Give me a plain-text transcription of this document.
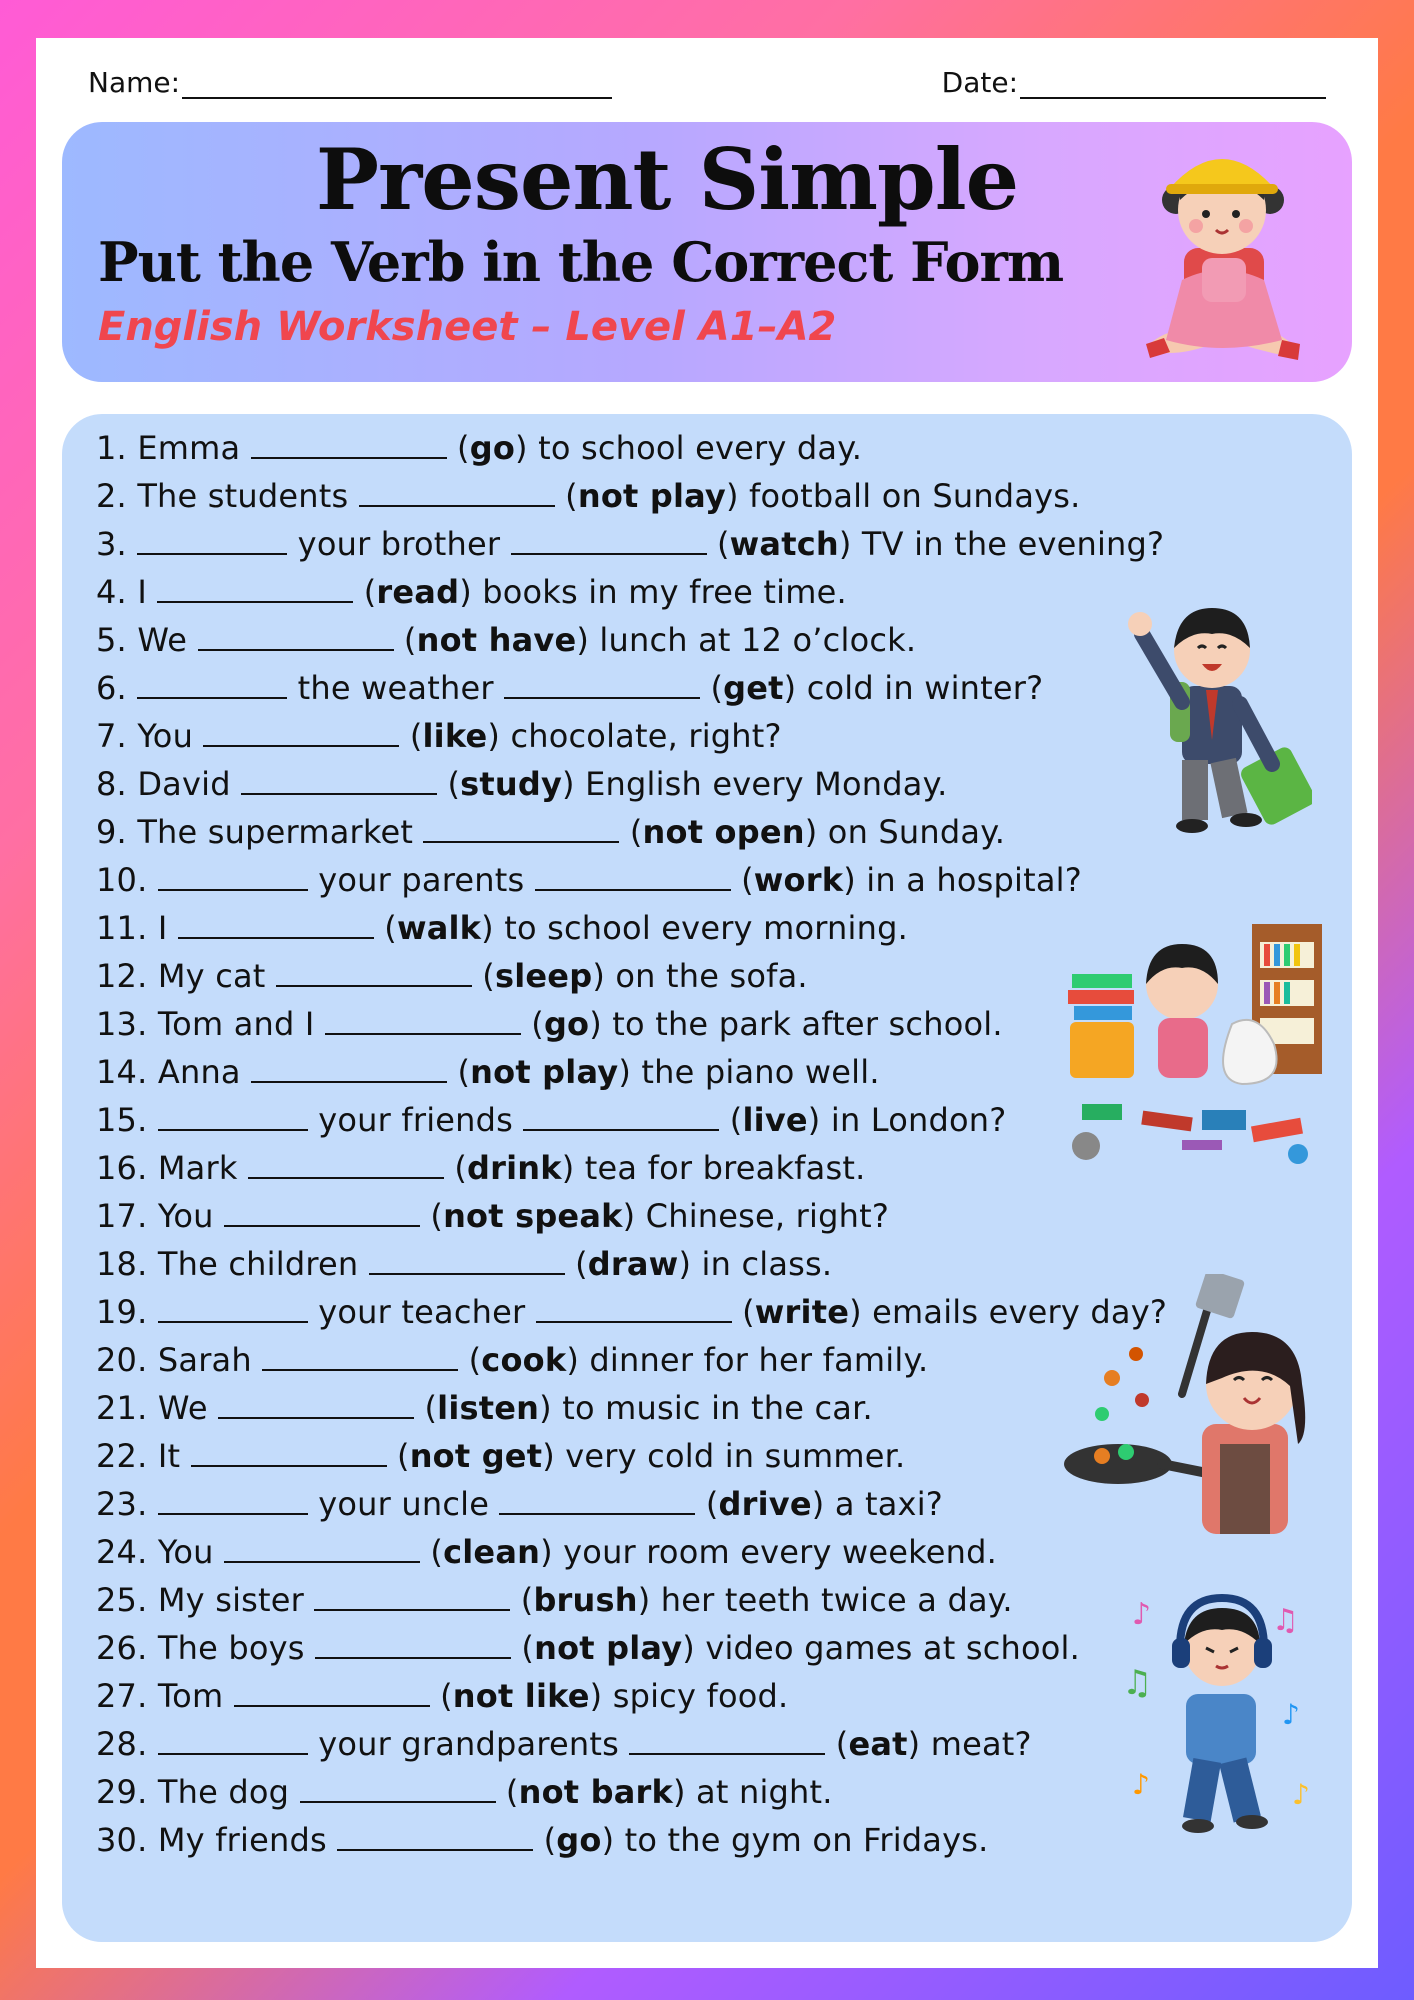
Name:	Date:
Present Simple
Put the Verb in the Correct Form
English Worksheet – Level A1–A2
1. Emma	(go) to school every day.
2. The students	(not play) football on Sundays.
3.	your brother	(watch) TV in the evening?
4. I	(read) books in my free time.
5. We	(not have) lunch at 12 o’clock.
6.	the weather	(get) cold in winter?
7. You	(like) chocolate, right?
8. David	(study) English every Monday.
9. The supermarket	(not open) on Sunday.
10.	your parents	(work) in a hospital?
11. I	(walk) to school every morning.
12. My cat	(sleep) on the sofa.
13. Tom and I	(go) to the park after school.
14. Anna	(not play) the piano well.
15.	your friends	(live) in London?
16. Mark	(drink) tea for breakfast.
17. You	(not speak) Chinese, right?
18. The children	(draw) in class.
19.	your teacher	(write) emails every day?
20. Sarah	(cook) dinner for her family.
21. We	(listen) to music in the car.
22. It	(not get) very cold in summer.
23.	your uncle	(drive) a taxi?
24. You	(clean) your room every weekend.
25. My sister	(brush) her teeth twice a day.
26. The boys	(not play) video games at school.
27. Tom	(not like) spicy food.
28.	your grandparents	(eat) meat?
29. The dog	(not bark) at night.
30. My friends	(go) to the gym on Fridays.
♪	♫
♫
♪
♪	♪
